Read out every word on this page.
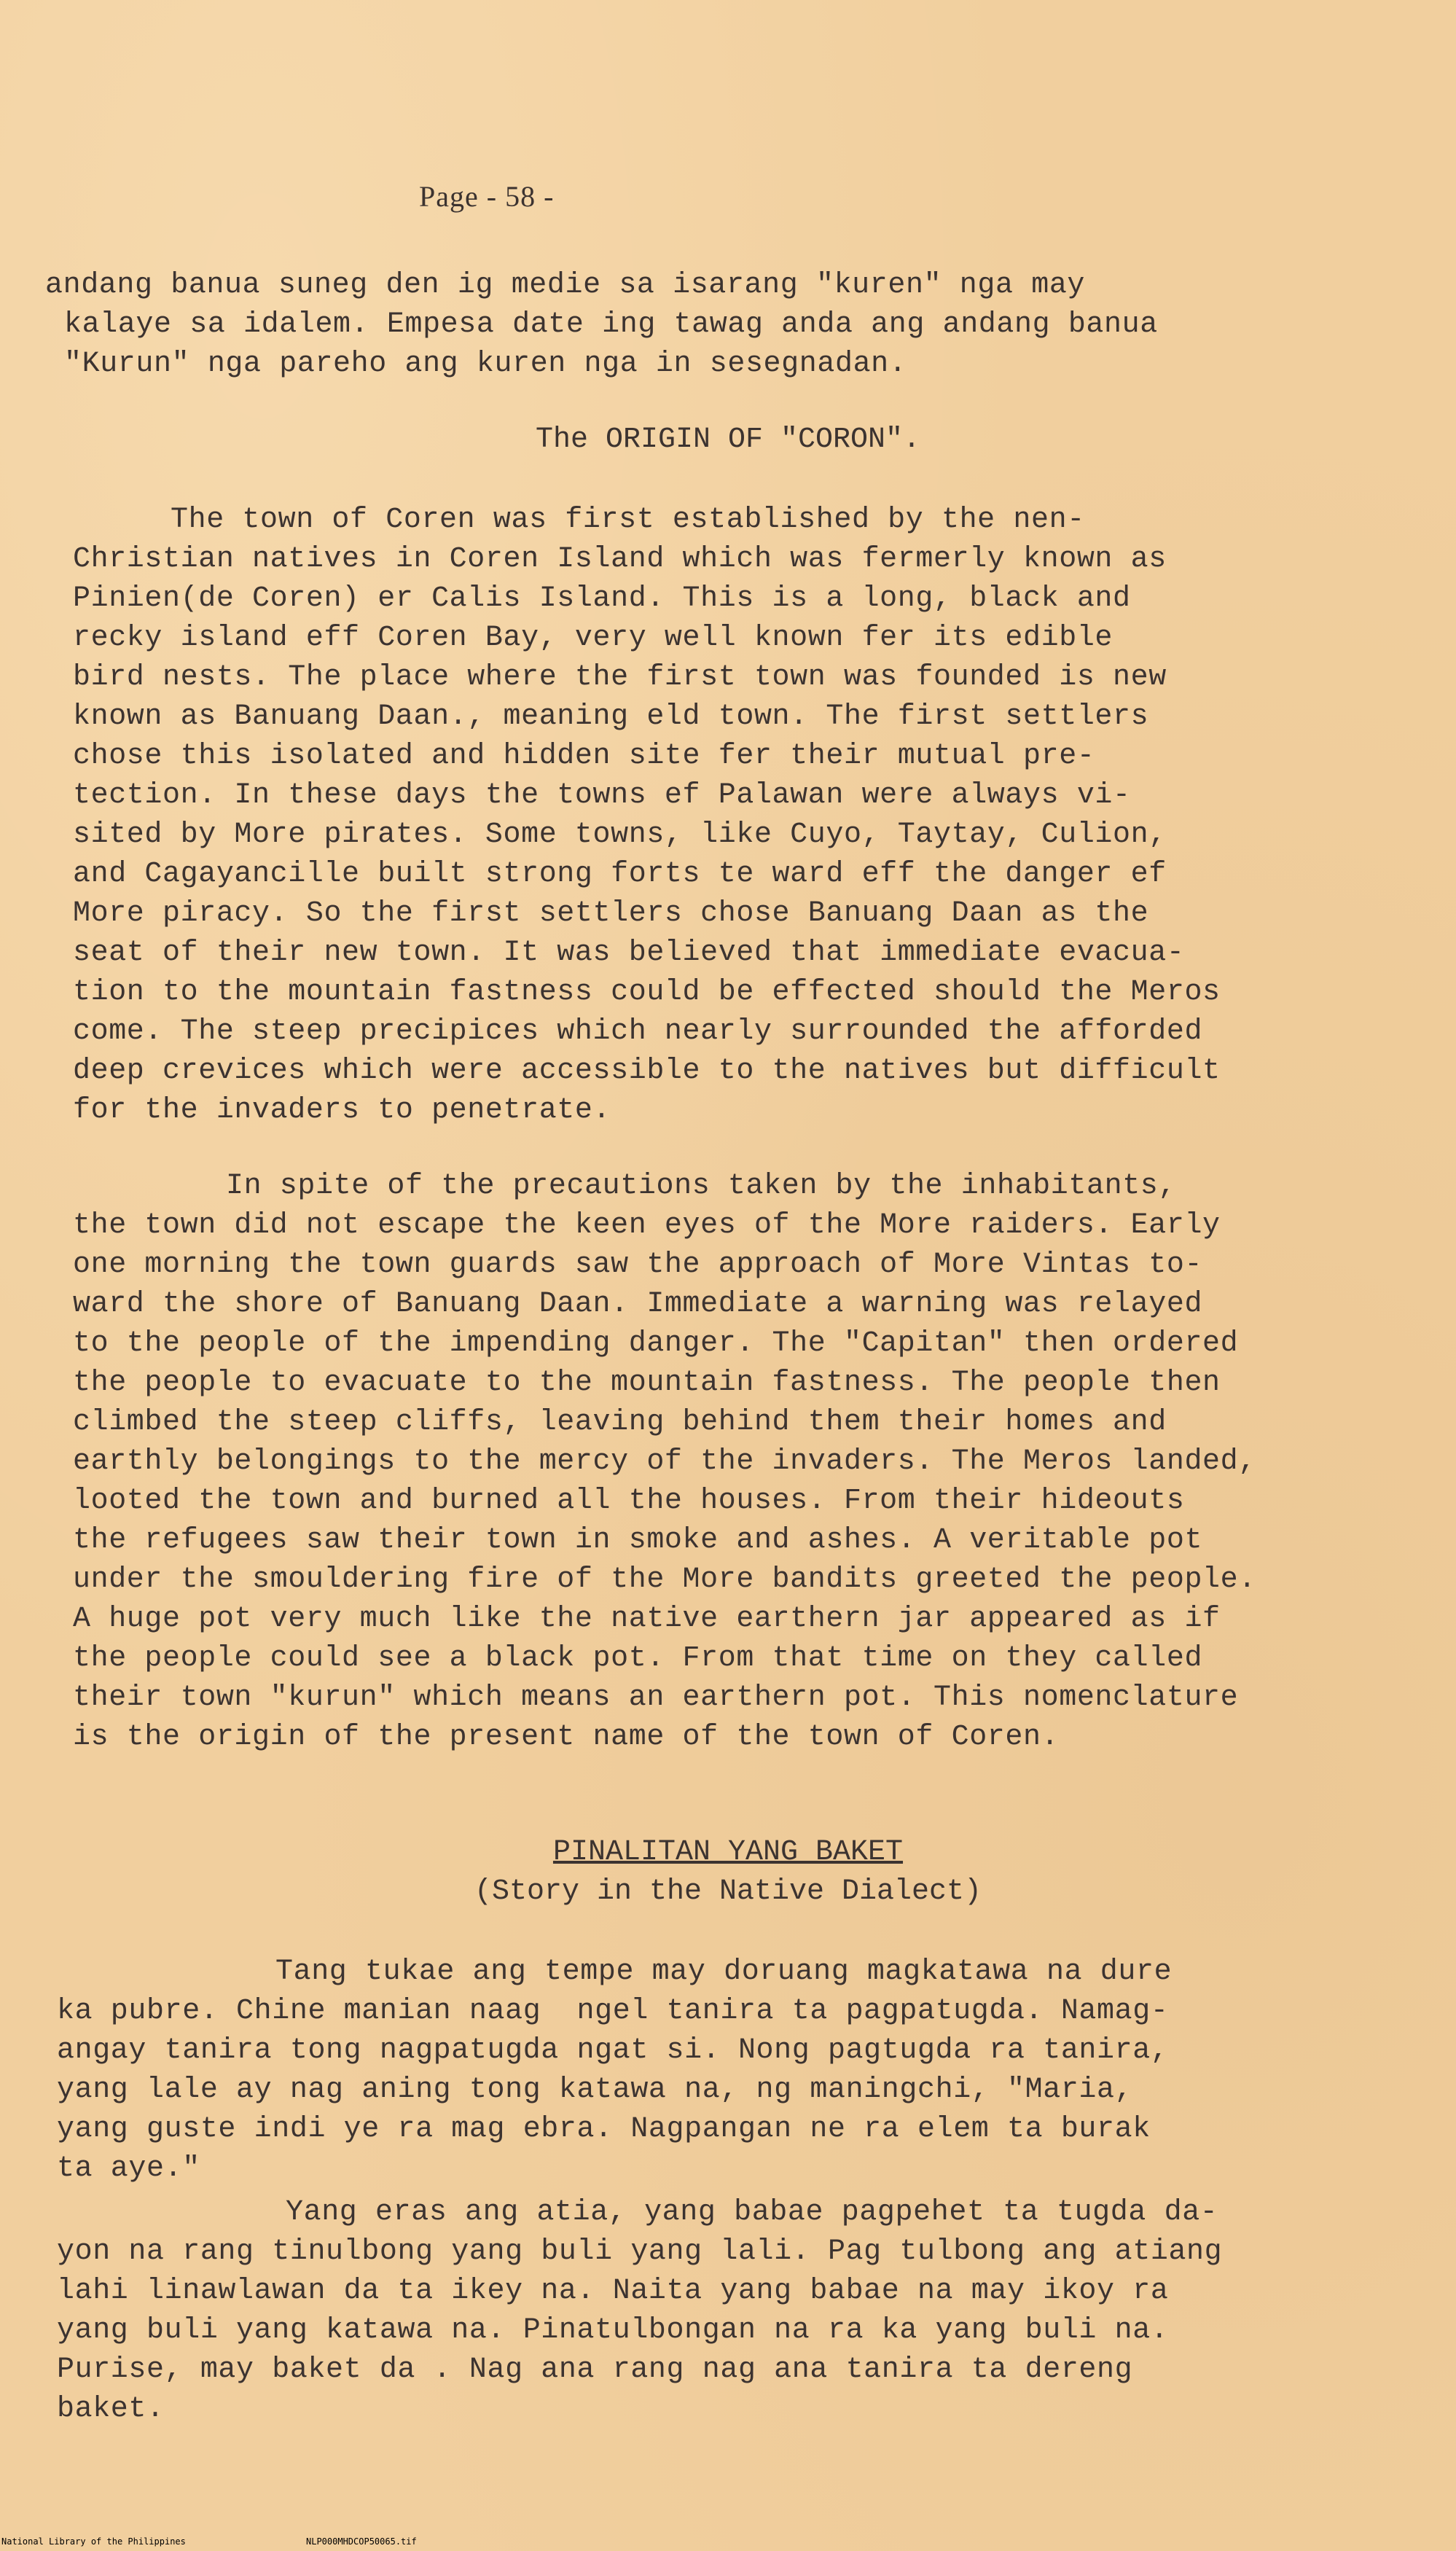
Page - 58 -
andang banua suneg den ig medie sa isarang "kuren" nga may
kalaye sa idalem. Empesa date ing tawag anda ang andang banua
"Kurun" nga pareho ang kuren nga in sesegnadan.
The ORIGIN OF "CORON".
The town of Coren was first established by the nen-
Christian natives in Coren Island which was fermerly known as
Pinien(de Coren) er Calis Island. This is a long, black and
recky island eff Coren Bay, very well known fer its edible
bird nests. The place where the first town was founded is new
known as Banuang Daan., meaning eld town. The first settlers
chose this isolated and hidden site fer their mutual pre-
tection. In these days the towns ef Palawan were always vi-
sited by More pirates. Some towns, like Cuyo, Taytay, Culion,
and Cagayancille built strong forts te ward eff the danger ef
More piracy. So the first settlers chose Banuang Daan as the
seat of their new town. It was believed that immediate evacua-
tion to the mountain fastness could be effected should the Meros
come. The steep precipices which nearly surrounded the afforded
deep crevices which were accessible to the natives but difficult
for the invaders to penetrate.
In spite of the precautions taken by the inhabitants,
the town did not escape the keen eyes of the More raiders. Early
one morning the town guards saw the approach of More Vintas to-
ward the shore of Banuang Daan. Immediate a warning was relayed
to the people of the impending danger. The "Capitan" then ordered
the people to evacuate to the mountain fastness. The people then
climbed the steep cliffs, leaving behind them their homes and
earthly belongings to the mercy of the invaders. The Meros landed,
looted the town and burned all the houses. From their hideouts
the refugees saw their town in smoke and ashes. A veritable pot
under the smouldering fire of the More bandits greeted the people.
A huge pot very much like the native earthern jar appeared as if
the people could see a black pot. From that time on they called
their town "kurun" which means an earthern pot. This nomenclature
is the origin of the present name of the town of Coren.
PINALITAN YANG BAKET
(Story in the Native Dialect)
Tang tukae ang tempe may doruang magkatawa na dure
ka pubre. Chine manian naag  ngel tanira ta pagpatugda. Namag-
angay tanira tong nagpatugda ngat si. Nong pagtugda ra tanira,
yang lale ay nag aning tong katawa na, ng maningchi, "Maria,
yang guste indi ye ra mag ebra. Nagpangan ne ra elem ta burak
ta aye."
Yang eras ang atia, yang babae pagpehet ta tugda da-
yon na rang tinulbong yang buli yang lali. Pag tulbong ang atiang
lahi linawlawan da ta ikey na. Naita yang babae na may ikoy ra
yang buli yang katawa na. Pinatulbongan na ra ka yang buli na.
Purise, may baket da . Nag ana rang nag ana tanira ta dereng
baket.
National Library of the Philippines	NLP000MHDCOP50065.tif
